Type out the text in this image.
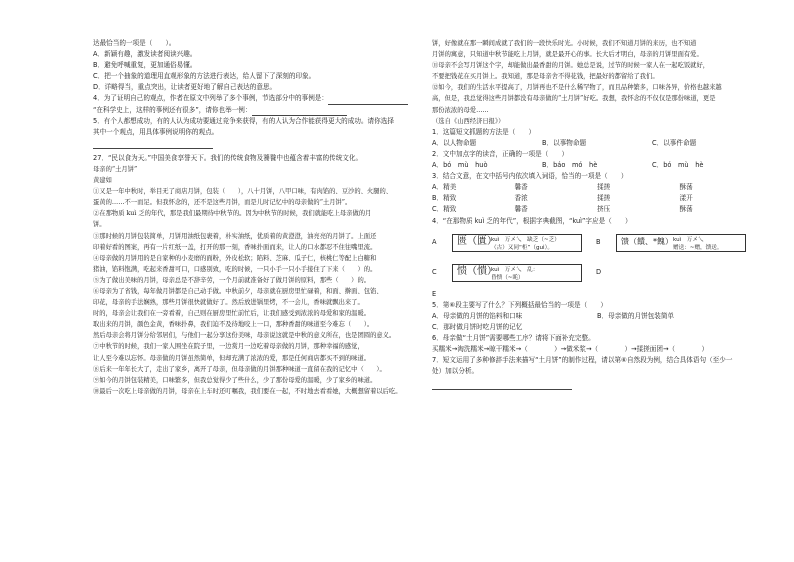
达最恰当的一项是（　　）。
A．新颖有趣，激发读者阅读兴趣。
B．避免呼喊重复，更加通俗易懂。
C．把一个抽象的道理用直观形象的方法进行表达，给人留下了深刻的印象。
D．详略得当，重点突出，让读者更好地了解自己表达的意思。
4．为了证明自己的观点，作者在原文中列举了多个事例，节选部分中的事例是：
“在科学史上，这样的事例还有很多”，请你也举一例：
5．有个人都想成功，有的人认为成功要通过竞争来获得，有的人认为合作能获得更大的成功。请你选择
其中一个观点，用具体事例说明你的观点。
27．“民以食为天。”中国美食享誉天下。我们的传统食物及饕餮中也蕴含着丰富的传统文化。
母亲的“土月饼”
黄建如
①又是一年中秋时，举目无了商店月饼，包装（　　），八十月饼，八甲口味，有肉馅的、豆沙的、火腿的、
蛋黄的……不一而足。但我怀念的，还不是这些月饼，而是儿时记忆中的母亲做的“土月饼”。
②在那物质 kuì 乏的年代，那是我们最期待中秋节的。因为中秋节的时候，我们就能吃上母亲做的月
饼。
③那时候的月饼包装简单，月饼用油纸包裹着，朴实油纸，优质着的黄澄澄，油亮亮的月饼了。上面还
印着好看的图案，再有一片红纸一盖，打开的那一刻，香味扑面而来，让人的口水都忍不住往嘴里流。
④母亲做的月饼用的是自家种的小麦磨的面粉，外皮松软；陷料、芝麻、瓜子仁，核桃仁等配上白糖和
猪油，馅料饱满，吃起来香甜可口，口感别致，吃的时候，一只小手一只小手接住了下来（　　）的。
⑤为了做出美味的月饼，母亲总是不辞辛劳，一个月前就准备好了做月饼的原料，那些（　　）的。
⑥母亲为了省钱，每年做月饼都是自己动手做。中秋前夕，母亲就在厨房里忙碌着，和面、擀面、包馅、
印花，母亲的手法娴熟，那些月饼很快就做好了。然后放进锅里烤，不一会儿，香味就飘出来了。
时的，母亲会让我们在一旁看着，自己则在厨房里忙前忙后，让我们感受到浓浓的母爱和家的温暖。
取出来的月饼，颜色金黄，香味扑鼻，我们迫不及待地咬上一口，那种香甜的味道至今难忘（　　）。
然后母亲会将月饼分给邻居们，与他们一起分享这份美味，母亲说这就是中秋的意义所在，也是团圆的意义。
⑦中秋节的时候，我们一家人围坐在院子里，一边赏月一边吃着母亲做的月饼，那种幸福的感觉，
让人至今难以忘怀。母亲做的月饼虽然简单，但却充满了浓浓的爱，那是任何商店都买不到的味道。
⑧后来一年年长大了，走出了家乡，离开了母亲，但母亲做的月饼那种味道一直留在我的记忆中（　　）。
⑨如今的月饼包装精美，口味繁多，但我总觉得少了些什么，少了那份母爱的温暖，少了家乡的味道。
⑩最后一次吃上母亲做的月饼，母亲在上车时还叮嘱我，我们要在一起，不时地去看看她，大概想留着以后吃。
饼，好像就在那一瞬间成就了我们的一段快乐时光。小时候，我们不知道月饼的来历，也不知道
月饼的寓意，只知道中秋节能吃上月饼，就是最开心的事。长大后才明白，母亲的月饼里面有爱。
⑪母亲不会写月饼这个字，却能做出最香甜的月饼。她总是说，过节的时候一家人在一起吃饭就好，
不要把钱花在买月饼上。我知道，那是母亲舍不得花钱，把最好的都留给了我们。
⑫如今，我们的生活水平提高了，月饼再也不是什么稀罕物了，而且品种繁多，口味各异，价格也越来越
高，但是，我总觉得这些月饼都没有母亲做的“土月饼”好吃。我想，我怀念的不仅仅是那份味道，更是
那份浓浓的母爱……
（选自《山西经济日报》）
1．这篇短文抓题的方法是（　　）
A．以人物命题	B．以事物命题	C．以事件命题
2．文中加点字的读音，正确的一项是（　　）
A．bó　mù　huò	B．báo　mó　hè	C．bó　mù　hè
3．结合文意，在文中括号内依次填入词语，恰当的一项是（　　）
A．精美	馨香	揉搓	酥荡
B．精致	香浓	揉搓	漾开
C．精致	馨香	挤压	酥荡
4．“在那物质 kuì 乏的年代”，根据字典截图，“kuì”字应是（　　）
A	匮（匱）
kuì　万メ乀　缺乏（~乏）
（古）又同“柜”（guì）。
B	馈（饋、*餽） kuì　万メ乀
赠送：~赠，馈送。
C	愦（憒）
kuì　万メ乀　乱：
昏愦（~眊）
D
E
5．第⑥段主要写了什么？下列概括最恰当的一项是（　　）
A．母亲做的月饼的馅料和口味	B．母亲做的月饼包装简单
C．那时做月饼时吃月饼的记忆
6．母亲做“土月饼”需要哪些工序？请将下面补充完整。
买糯米→淘洗糯米→晾干糯米→（　　　　）→做米浆→（　　　　）→揉搓面团→（　　　　）
7．短文运用了多种修辞手法来描写“土月饼”的制作过程，请以第⑥自然段为例，结合具体语句（至少一
处）加以分析。
